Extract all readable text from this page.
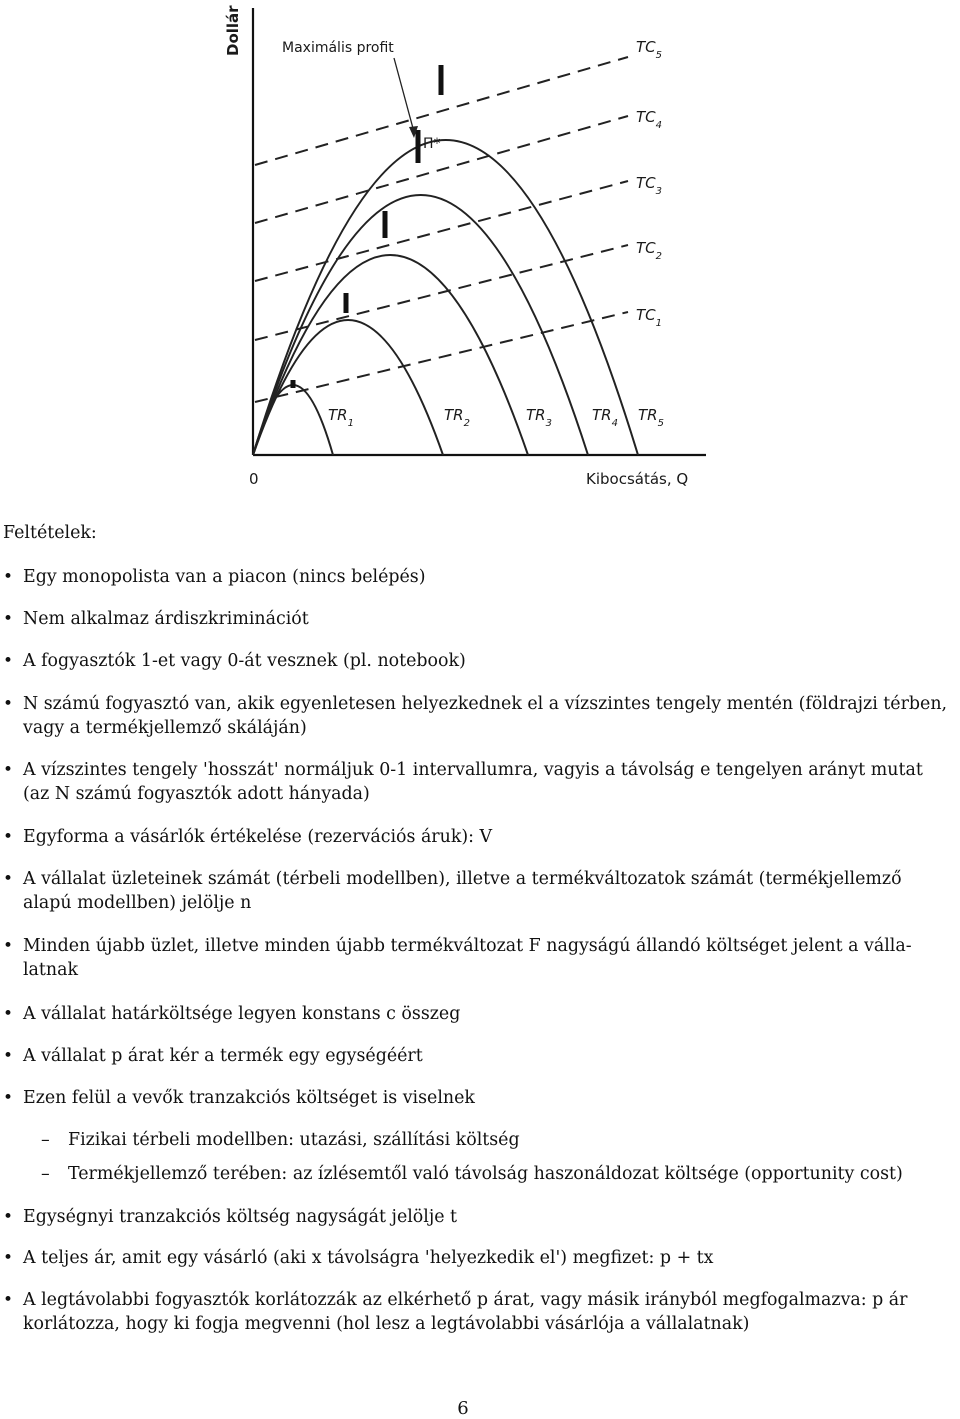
Dollár	Maximális profit
Π*
0	Kibocsátás, Q
$TC_5$
$TC_4$
$TC_3$
$TC_2$
$TC_1$
$TR_1$	$TR_2$	$TR_3$	$TR_4$ $TR_5$

Feltételek:

• Egy monopolista van a piacon (nincs belépés)
• Nem alkalmaz árdiszkriminációt
• A fogyasztók 1-et vagy 0-át vesznek (pl. notebook)
• N számú fogyasztó van, akik egyenletesen helyezkednek el a vízszintes tengely mentén (földrajzi térben,
vagy a termékjellemző skáláján)
• A vízszintes tengely 'hosszát' normáljuk 0-1 intervallumra, vagyis a távolság e tengelyen arányt mutat
(az N számú fogyasztók adott hányada)
• Egyforma a vásárlók értékelése (rezervációs áruk): V
• A vállalat üzleteinek számát (térbeli modellben), illetve a termékváltozatok számát (termékjellemző
alapú modellben) jelölje n
• Minden újabb üzlet, illetve minden újabb termékváltozat F nagyságú állandó költséget jelent a válla-
latnak
• A vállalat határköltsége legyen konstans c összeg
• A vállalat p árat kér a termék egy egységéért
• Ezen felül a vevők tranzakciós költséget is viselnek
– Fizikai térbeli modellben: utazási, szállítási költség
– Termékjellemző terében: az ízlésemtől való távolság haszonáldozat költsége (opportunity cost)
• Egységnyi tranzakciós költség nagyságát jelölje t
• A teljes ár, amit egy vásárló (aki x távolságra 'helyezkedik el') megfizet: p + tx
• A legtávolabbi fogyasztók korlátozzák az elkérhető p árat, vagy másik irányból megfogalmazva: p ár
korlátozza, hogy ki fogja megvenni (hol lesz a legtávolabbi vásárlója a vállalatnak)
6
